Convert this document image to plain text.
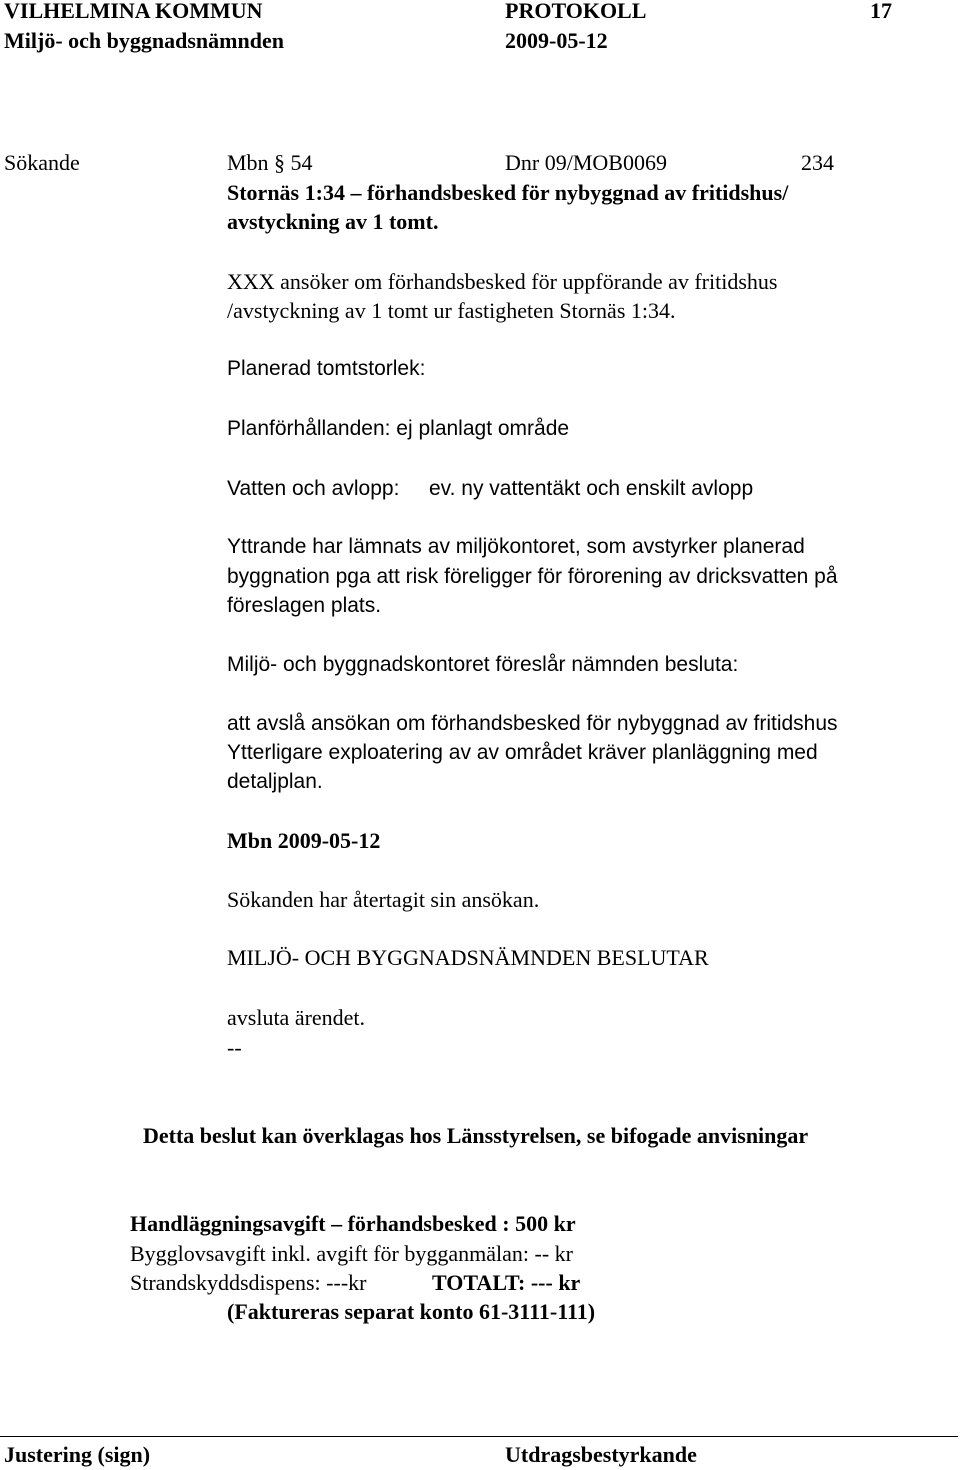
VILHELMINA KOMMUN	PROTOKOLL	17
Miljö- och byggnadsnämnden	2009-05-12
Sökande	Mbn § 54	Dnr 09/MOB0069	234
Stornäs 1:34 – förhandsbesked för nybyggnad av fritidshus/
avstyckning av 1 tomt.
XXX ansöker om förhandsbesked för uppförande av fritidshus
/avstyckning av 1 tomt ur fastigheten Stornäs 1:34.
Planerad tomtstorlek:
Planförhållanden: ej planlagt område
Vatten och avlopp: ev. ny vattentäkt och enskilt avlopp
Yttrande har lämnats av miljökontoret, som avstyrker planerad
byggnation pga att risk föreligger för förorening av dricksvatten på
föreslagen plats.
Miljö- och byggnadskontoret föreslår nämnden besluta:
att avslå ansökan om förhandsbesked för nybyggnad av fritidshus
Ytterligare exploatering av av området kräver planläggning med
detaljplan.
Mbn 2009-05-12
Sökanden har återtagit sin ansökan.
MILJÖ- OCH BYGGNADSNÄMNDEN BESLUTAR
avsluta ärendet.
--
Detta beslut kan överklagas hos Länsstyrelsen, se bifogade anvisningar
Handläggningsavgift – förhandsbesked : 500 kr
Bygglovsavgift inkl. avgift för bygganmälan: -- kr
Strandskyddsdispens: ---kr	TOTALT: --- kr
(Faktureras separat konto 61-3111-111)
Justering (sign)	Utdragsbestyrkande
